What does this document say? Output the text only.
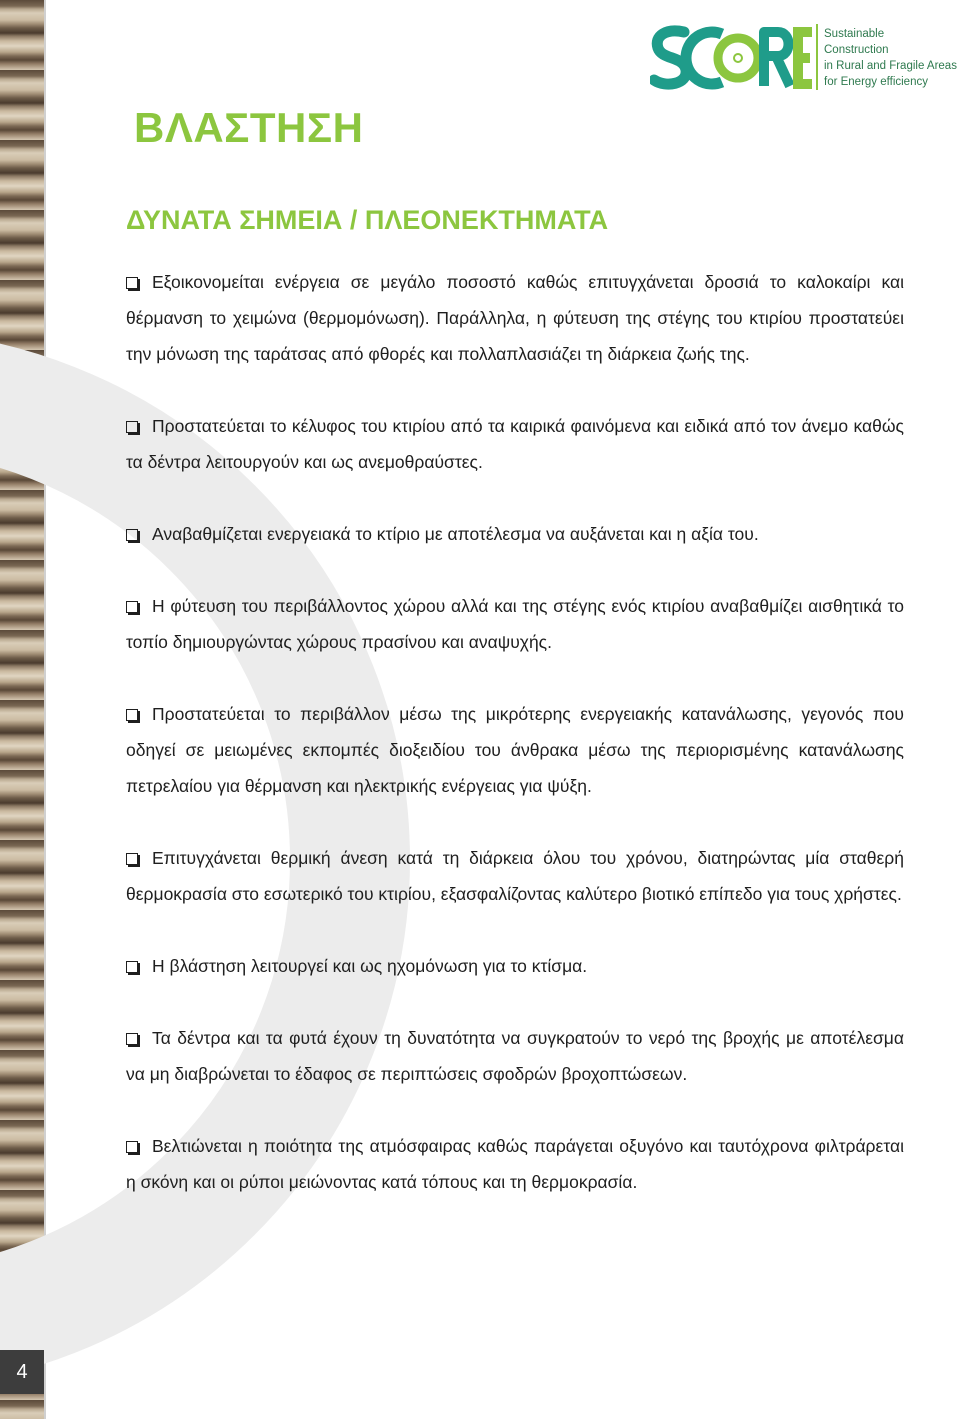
4
Sustainable
Construction
in Rural and Fragile Areas
for Energy efficiency
ΒΛΑΣΤΗΣΗ
ΔΥΝΑΤΑ ΣΗΜΕΙΑ / ΠΛΕΟΝΕΚΤΗΜΑΤΑ

Εξοικονομείται ενέργεια σε μεγάλο ποσοστό καθώς επιτυγχάνεται δροσιά το καλοκαίρι και θέρμανση το χειμώνα (θερμομόνωση). Παράλληλα, η φύτευση της στέγης του κτιρίου προστατεύει την μόνωση της ταράτσας από φθορές και πολλαπλασιάζει τη διάρκεια ζωής της.

Προστατεύεται το κέλυφος του κτιρίου από τα καιρικά φαινόμενα και ειδικά από τον άνεμο καθώς τα δέντρα λειτουργούν και ως ανεμοθραύστες.

Αναβαθμίζεται ενεργειακά το κτίριο με αποτέλεσμα να αυξάνεται και η αξία του.

Η φύτευση του περιβάλλοντος χώρου αλλά και της στέγης ενός κτιρίου αναβαθμίζει αισθητικά το τοπίο δημιουργώντας χώρους πρασίνου και αναψυχής.

Προστατεύεται το περιβάλλον μέσω της μικρότερης ενεργειακής κατανάλωσης, γεγονός που οδηγεί σε μειωμένες εκπομπές διοξειδίου του άνθρακα μέσω της περιορισμένης κατανάλωσης πετρελαίου για θέρμανση και ηλεκτρικής ενέργειας για ψύξη.

Επιτυγχάνεται θερμική άνεση κατά τη διάρκεια όλου του χρόνου, διατηρώντας μία σταθερή θερμοκρασία στο εσωτερικό του κτιρίου, εξασφαλίζοντας καλύτερο βιοτικό επίπεδο για τους χρήστες.

Η βλάστηση λειτουργεί και ως ηχομόνωση για το κτίσμα.

Τα δέντρα και τα φυτά έχουν τη δυνατότητα να συγκρατούν το νερό της βροχής με αποτέλεσμα να μη διαβρώνεται το έδαφος σε περιπτώσεις σφοδρών βροχοπτώσεων.

Βελτιώνεται η ποιότητα της ατμόσφαιρας καθώς παράγεται οξυγόνο και ταυτόχρονα φιλτράρεται η σκόνη και οι ρύποι μειώνοντας κατά τόπους και τη θερμοκρασία.
